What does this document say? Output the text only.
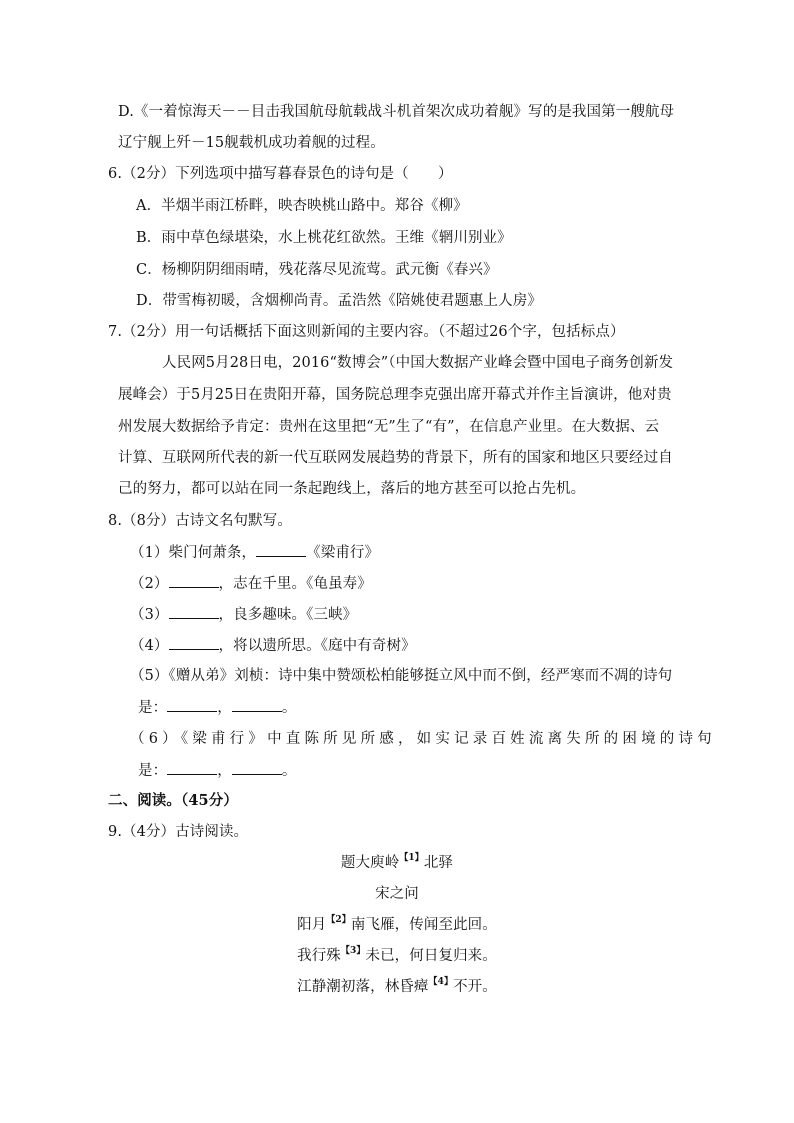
D.《一着惊海天－－目击我国航母航载战斗机首架次成功着舰》写的是我国第一艘航母
辽宁舰上歼－15舰载机成功着舰的过程。
6.（2分）下列选项中描写暮春景色的诗句是（　　）
A．半烟半雨江桥畔，映杏映桃山路中。郑谷《柳》
B．雨中草色绿堪染，水上桃花红欲然。王维《辋川别业》
C．杨柳阴阴细雨晴，残花落尽见流莺。武元衡《春兴》
D．带雪梅初暖，含烟柳尚青。孟浩然《陪姚使君题惠上人房》
7.（2分）用一句话概括下面这则新闻的主要内容。（不超过26个字，包括标点）
人民网5月28日电，2016“数博会”（中国大数据产业峰会暨中国电子商务创新发
展峰会）于5月25日在贵阳开幕，国务院总理李克强出席开幕式并作主旨演讲，他对贵
州发展大数据给予肯定：贵州在这里把“无”生了“有”，在信息产业里。在大数据、云
计算、互联网所代表的新一代互联网发展趋势的背景下，所有的国家和地区只要经过自
己的努力，都可以站在同一条起跑线上，落后的地方甚至可以抢占先机。
8.（8分）古诗文名句默写。
（1）柴门何萧条，	《梁甫行》
（2）	，志在千里。《龟虽寿》
（3）	，良多趣味。《三峡》
（4）	，将以遗所思。《庭中有奇树》
（5）《赠从弟》刘桢：诗中集中赞颂松柏能够挺立风中而不倒，经严寒而不凋的诗句
是：	，	。
（6）《梁甫行》中直陈所见所感，如实记录百姓流离失所的困境的诗句
是：	，	。
二、阅读。（45分）
9.（4分）古诗阅读。
题大庾岭$^{【1】}$北驿
宋之问
阳月$^{【2】}$南飞雁，传闻至此回。
我行殊$^{【3】}$未已，何日复归来。
江静潮初落，林昏瘴$^{【4】}$不开。
